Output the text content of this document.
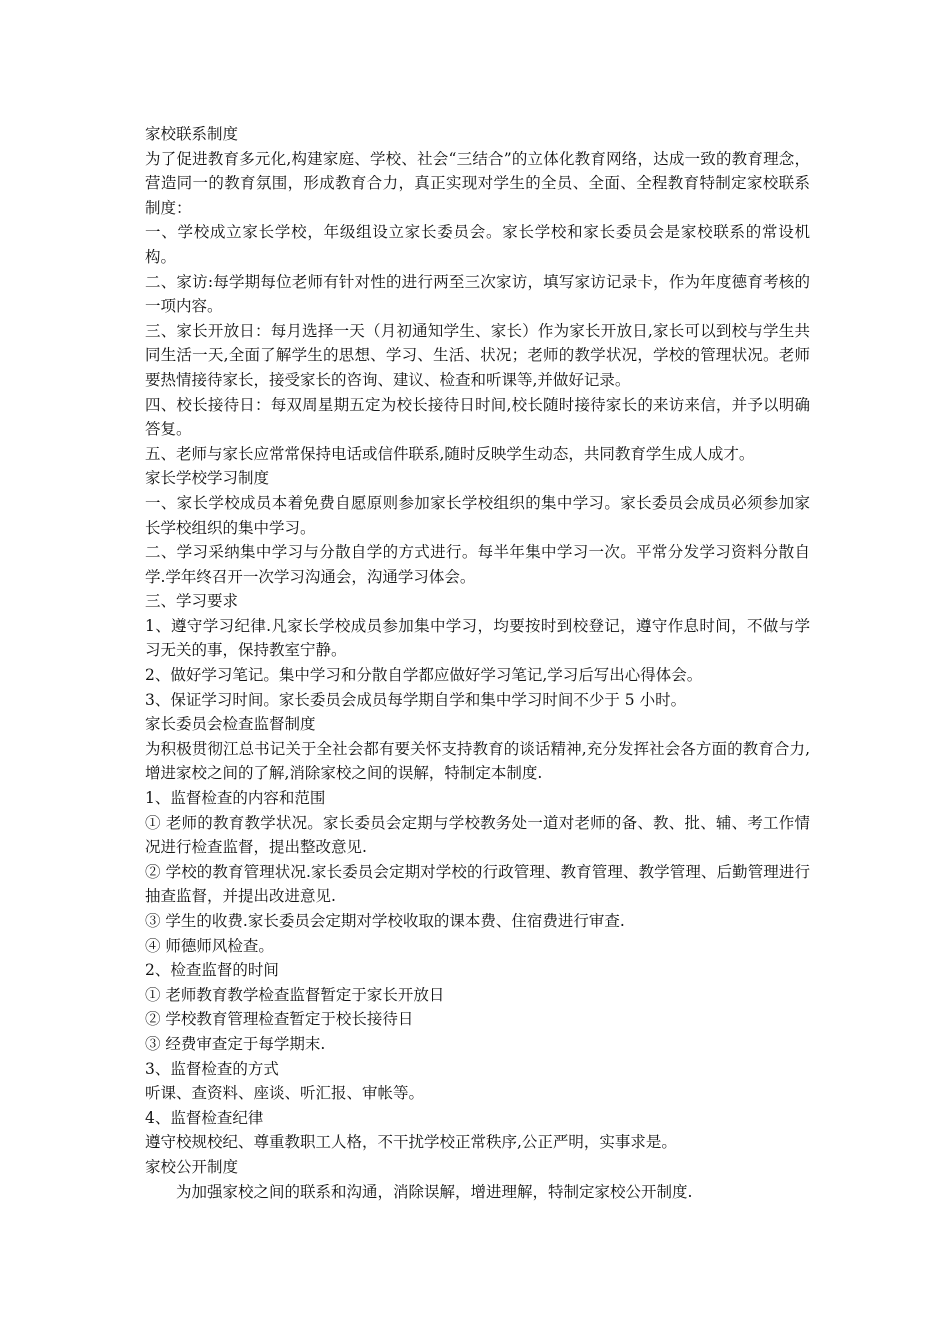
家校联系制度

为了促进教育多元化,构建家庭、学校、社会“三结合”的立体化教育网络，达成一致的教育理念，营造同一的教育氛围，形成教育合力，真正实现对学生的全员、全面、全程教育特制定家校联系制度：

一、学校成立家长学校，年级组设立家长委员会。家长学校和家长委员会是家校联系的常设机构。

二、家访:每学期每位老师有针对性的进行两至三次家访，填写家访记录卡，作为年度德育考核的一项内容。

三、家长开放日：每月选择一天（月初通知学生、家长）作为家长开放日,家长可以到校与学生共同生活一天,全面了解学生的思想、学习、生活、状况；老师的教学状况，学校的管理状况。老师要热情接待家长，接受家长的咨询、建议、检查和听课等,并做好记录。

四、校长接待日：每双周星期五定为校长接待日时间,校长随时接待家长的来访来信，并予以明确答复。

五、老师与家长应常常保持电话或信件联系,随时反映学生动态，共同教育学生成人成才。

家长学校学习制度

一、家长学校成员本着免费自愿原则参加家长学校组织的集中学习。家长委员会成员必须参加家长学校组织的集中学习。

二、学习采纳集中学习与分散自学的方式进行。每半年集中学习一次。平常分发学习资料分散自学.学年终召开一次学习沟通会，沟通学习体会。

三、学习要求

1、遵守学习纪律.凡家长学校成员参加集中学习，均要按时到校登记，遵守作息时间，不做与学习无关的事，保持教室宁静。

2、做好学习笔记。集中学习和分散自学都应做好学习笔记,学习后写出心得体会。

3、保证学习时间。家长委员会成员每学期自学和集中学习时间不少于 5 小时。

家长委员会检查监督制度

为积极贯彻江总书记关于全社会都有要关怀支持教育的谈话精神,充分发挥社会各方面的教育合力,增进家校之间的了解,消除家校之间的误解，特制定本制度.

1、监督检查的内容和范围

① 老师的教育教学状况。家长委员会定期与学校教务处一道对老师的备、教、批、辅、考工作情况进行检查监督，提出整改意见.

② 学校的教育管理状况.家长委员会定期对学校的行政管理、教育管理、教学管理、后勤管理进行抽查监督，并提出改进意见.

③ 学生的收费.家长委员会定期对学校收取的课本费、住宿费进行审查.

④ 师德师风检查。

2、检查监督的时间

① 老师教育教学检查监督暂定于家长开放日

② 学校教育管理检查暂定于校长接待日

③ 经费审查定于每学期末.

3、监督检查的方式

听课、查资料、座谈、听汇报、审帐等。

4、监督检查纪律

遵守校规校纪、尊重教职工人格，不干扰学校正常秩序,公正严明，实事求是。

家校公开制度

为加强家校之间的联系和沟通，消除误解，增进理解，特制定家校公开制度.
